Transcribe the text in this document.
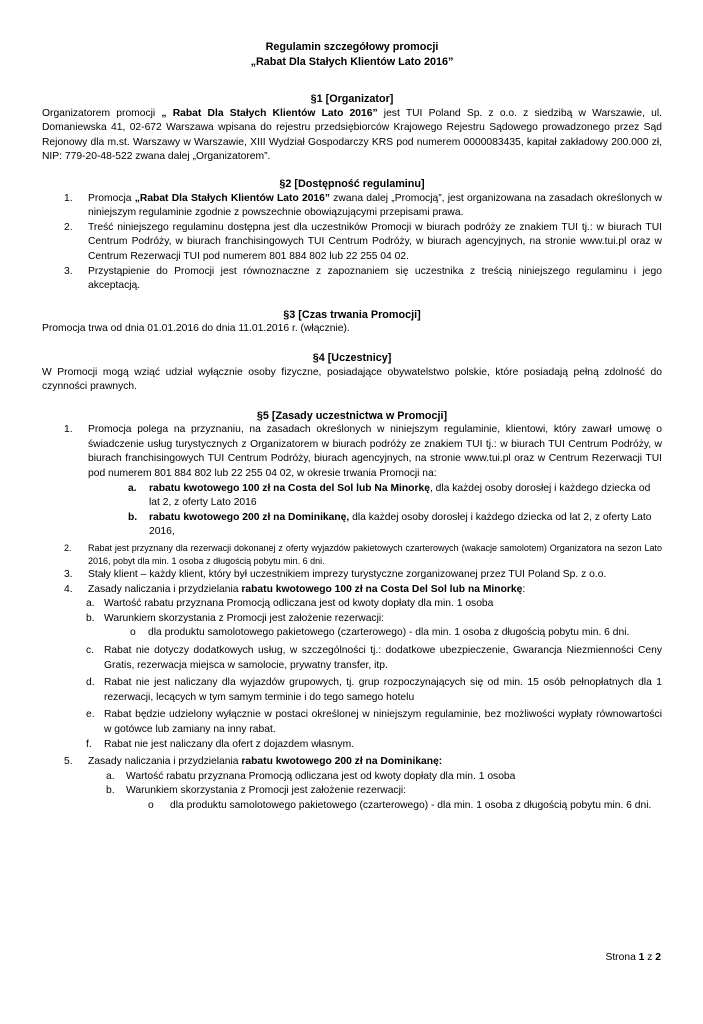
Regulamin szczegółowy promocji
„Rabat Dla Stałych Klientów Lato 2016”
§1 [Organizator]

Organizatorem promocji „ Rabat Dla Stałych Klientów Lato 2016” jest TUI Poland Sp. z o.o. z siedzibą w Warszawie, ul. Domaniewska 41, 02-672 Warszawa wpisana do rejestru przedsiębiorców Krajowego Rejestru Sądowego prowadzonego przez Sąd Rejonowy dla m.st. Warszawy w Warszawie, XIII Wydział Gospodarczy KRS pod numerem 0000083435, kapitał zakładowy 200.000 zł, NIP: 779-20-48-522 zwana dalej „Organizatorem”.

§2 [Dostępność regulaminu]
1. Promocja „Rabat Dla Stałych Klientów Lato 2016” zwana dalej „Promocją”, jest organizowana na zasadach określonych w niniejszym regulaminie zgodnie z powszechnie obowiązującymi przepisami prawa.
2. Treść niniejszego regulaminu dostępna jest dla uczestników Promocji w biurach podróży ze znakiem TUI tj.: w biurach TUI Centrum Podróży, w biurach franchisingowych TUI Centrum Podróży, w biurach agencyjnych, na stronie www.tui.pl oraz w Centrum Rezerwacji TUI pod numerem 801 884 802 lub 22 255 04 02.
3. Przystąpienie do Promocji jest równoznaczne z zapoznaniem się uczestnika z treścią niniejszego regulaminu i jego akceptacją.
§3 [Czas trwania Promocji]

Promocja trwa od dnia 01.01.2016 do dnia 11.01.2016 r. (włącznie).

§4 [Uczestnicy]

W Promocji mogą wziąć udział wyłącznie osoby fizyczne, posiadające obywatelstwo polskie, które posiadają pełną zdolność do czynności prawnych.

§5 [Zasady uczestnictwa w Promocji]
1. Promocja polega na przyznaniu, na zasadach określonych w niniejszym regulaminie, klientowi, który zawarł umowę o świadczenie usług turystycznych z Organizatorem w biurach podróży ze znakiem TUI tj.: w biurach TUI Centrum Podróży, w biurach franchisingowych TUI Centrum Podróży, biurach agencyjnych, na stronie www.tui.pl oraz w Centrum Rezerwacji TUI pod numerem 801 884 802 lub 22 255 04 02, w okresie trwania Promocji na:
a. rabatu kwotowego 100 zł na Costa del Sol lub Na Minorkę, dla każdej osoby dorosłej i każdego dziecka od lat 2, z oferty Lato 2016
b. rabatu kwotowego 200 zł na Dominikanę, dla każdej osoby dorosłej i każdego dziecka od lat 2, z oferty Lato 2016,
2. Rabat jest przyznany dla rezerwacji dokonanej z oferty wyjazdów pakietowych czarterowych (wakacje samolotem) Organizatora na sezon Lato 2016, pobyt dla min. 1 osoba z długością pobytu min. 6 dni.
3. Stały klient – każdy klient, który był uczestnikiem imprezy turystyczne zorganizowanej przez TUI Poland Sp. z o.o.
4. Zasady naliczania i przydzielania rabatu kwotowego 100 zł na Costa Del Sol lub na Minorkę:
a. Wartość rabatu przyznana Promocją odliczana jest od kwoty dopłaty dla min. 1 osoba
b. Warunkiem skorzystania z Promocji jest założenie rezerwacji:
o dla produktu samolotowego pakietowego (czarterowego) - dla min. 1 osoba z długością pobytu min. 6 dni.
c. Rabat nie dotyczy dodatkowych usług, w szczególności tj.: dodatkowe ubezpieczenie, Gwarancja Niezmienności Ceny Gratis, rezerwacja miejsca w samolocie, prywatny transfer, itp.
d. Rabat nie jest naliczany dla wyjazdów grupowych, tj. grup rozpoczynających się od min. 15 osób pełnopłatnych dla 1 rezerwacji, lecących w tym samym terminie i do tego samego hotelu
e. Rabat będzie udzielony wyłącznie w postaci określonej w niniejszym regulaminie, bez możliwości wypłaty równowartości w gotówce lub zamiany na inny rabat.
f. Rabat nie jest naliczany dla ofert z dojazdem własnym.
5. Zasady naliczania i przydzielania rabatu kwotowego 200 zł na Dominikanę:
a. Wartość rabatu przyznana Promocją odliczana jest od kwoty dopłaty dla min. 1 osoba
b. Warunkiem skorzystania z Promocji jest założenie rezerwacji:
o dla produktu samolotowego pakietowego (czarterowego) - dla min. 1 osoba z długością pobytu min. 6 dni.
Strona 1 z 2
